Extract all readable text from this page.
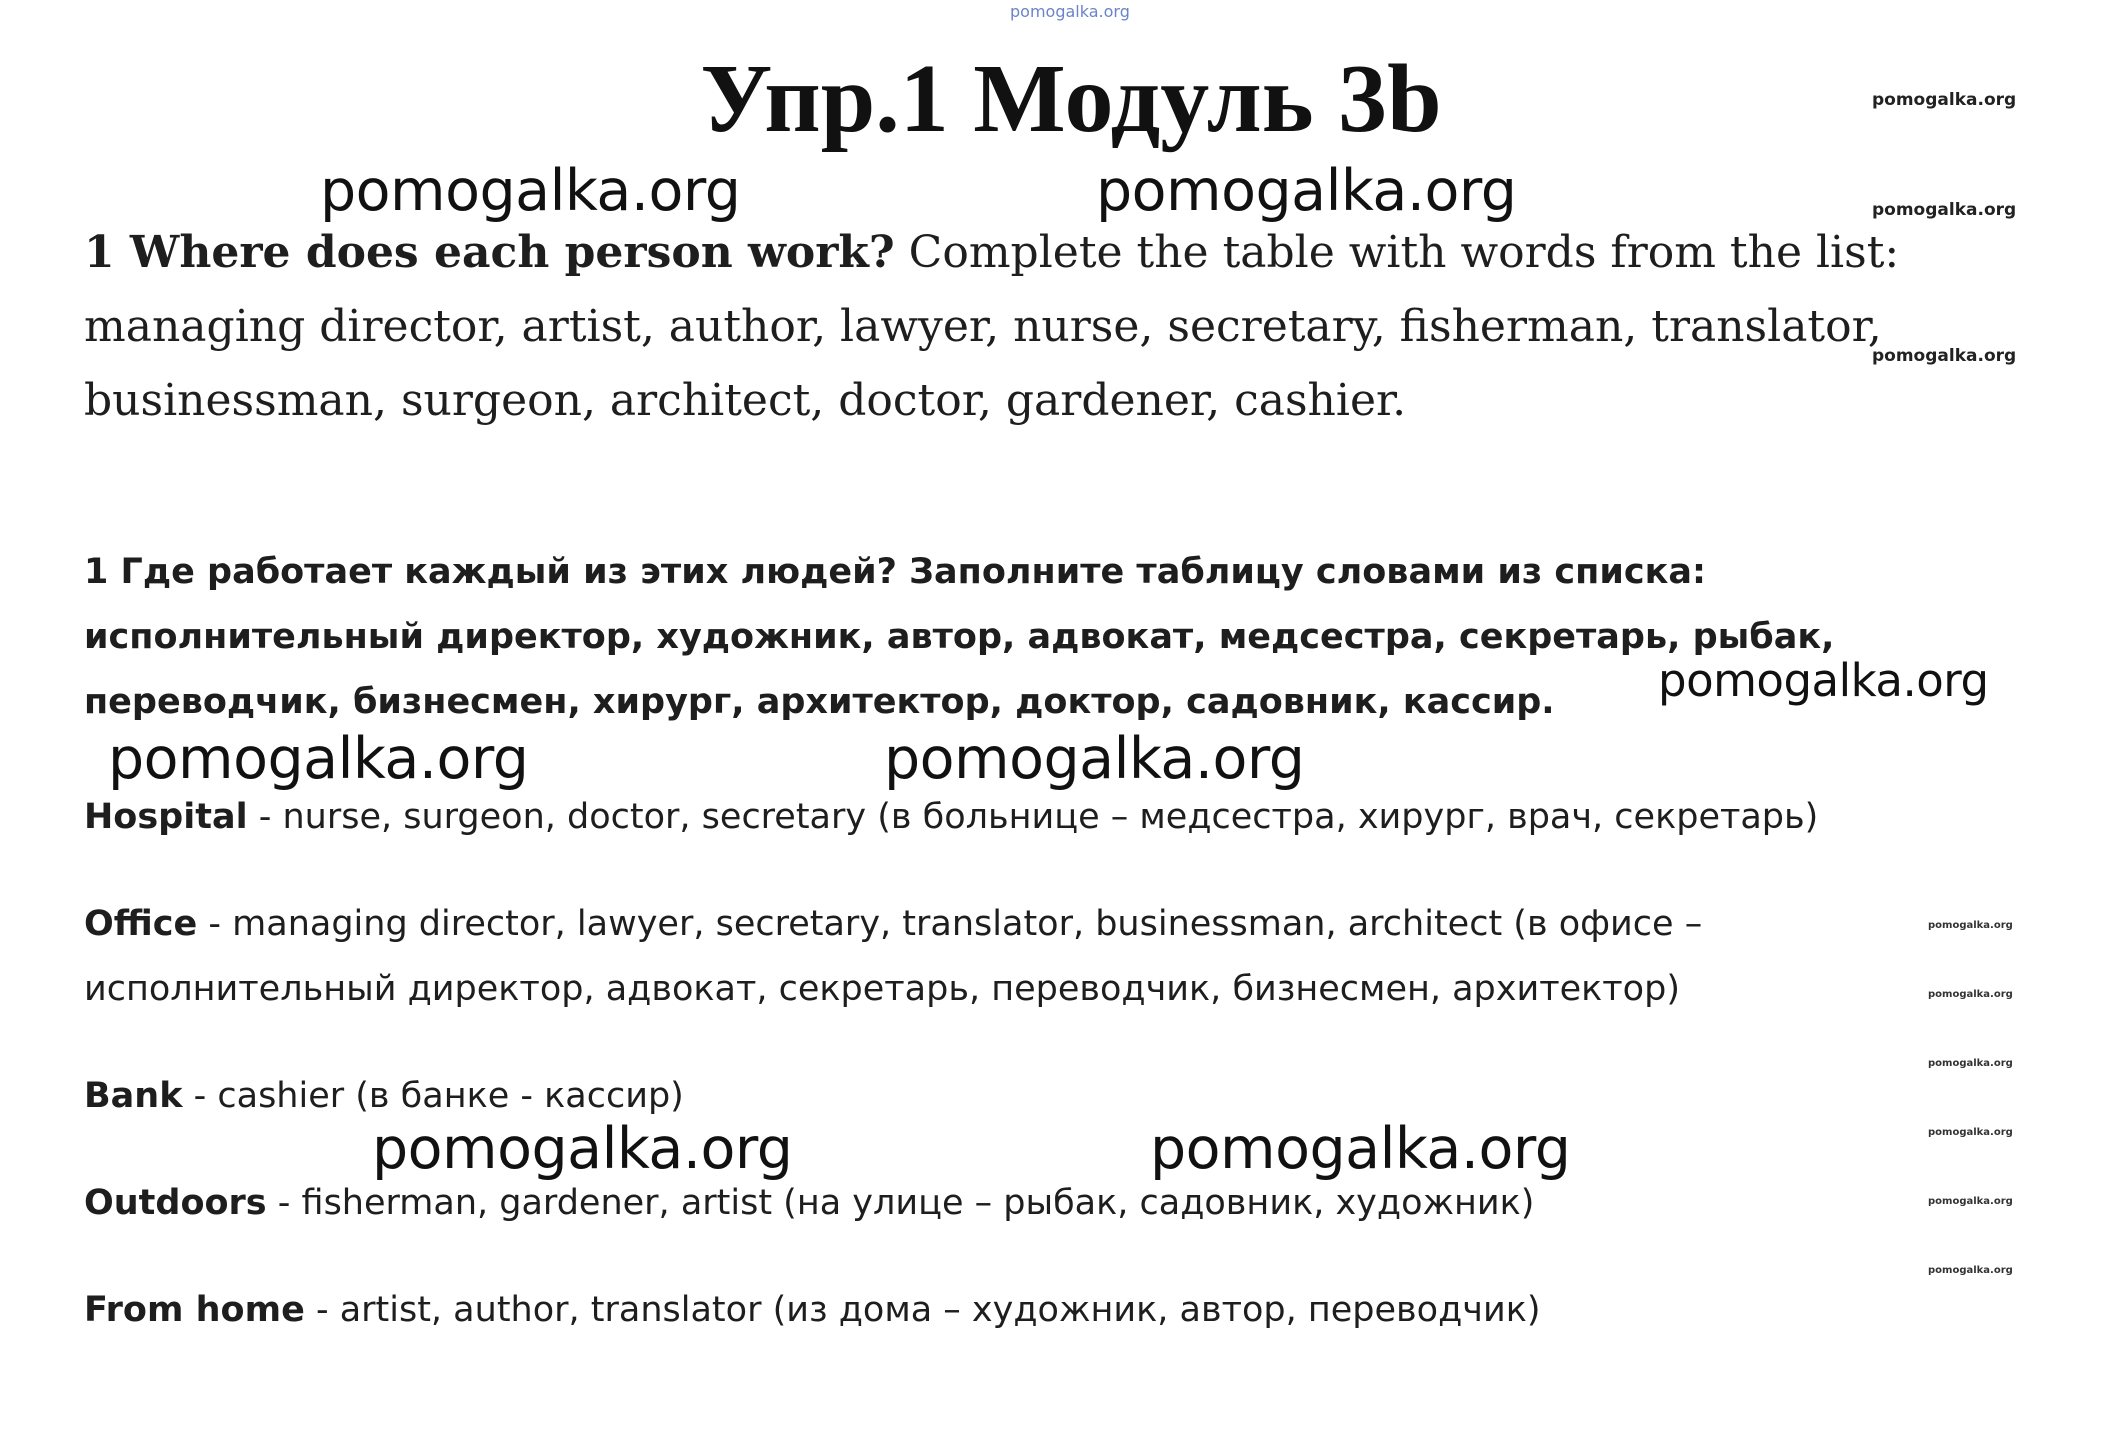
pomogalka.org
Упр.1 Модуль 3b	pomogalka.org
pomogalka.org
pomogalka.org
pomogalka.org	pomogalka.org
1 Where does each person work? Complete the table with words from the list: managing director, artist, author, lawyer, nurse, secretary, fisherman, translator, businessman, surgeon, architect, doctor, gardener, cashier.
1 Где работает каждый из этих людей? Заполните таблицу словами из списка: исполнительный директор, художник, автор, адвокат, медсестра, секретарь, рыбак, переводчик, бизнесмен, хирург, архитектор, доктор, садовник, кассир.	pomogalka.org
pomogalka.org	pomogalka.org
Hospital - nurse, surgeon, doctor, secretary (в больнице – медсестра, хирург, врач, секретарь)
Office - managing director, lawyer, secretary, translator, businessman, architect (в офисе – исполнительный директор, адвокат, секретарь, переводчик, бизнесмен, архитектор)
Bank - cashier (в банке - кассир)
pomogalka.org	pomogalka.org
Outdoors - fisherman, gardener, artist (на улице – рыбак, садовник, художник)
From home - artist, author, translator (из дома – художник, автор, переводчик)
pomogalka.org
pomogalka.org
pomogalka.org
pomogalka.org
pomogalka.org
pomogalka.org
